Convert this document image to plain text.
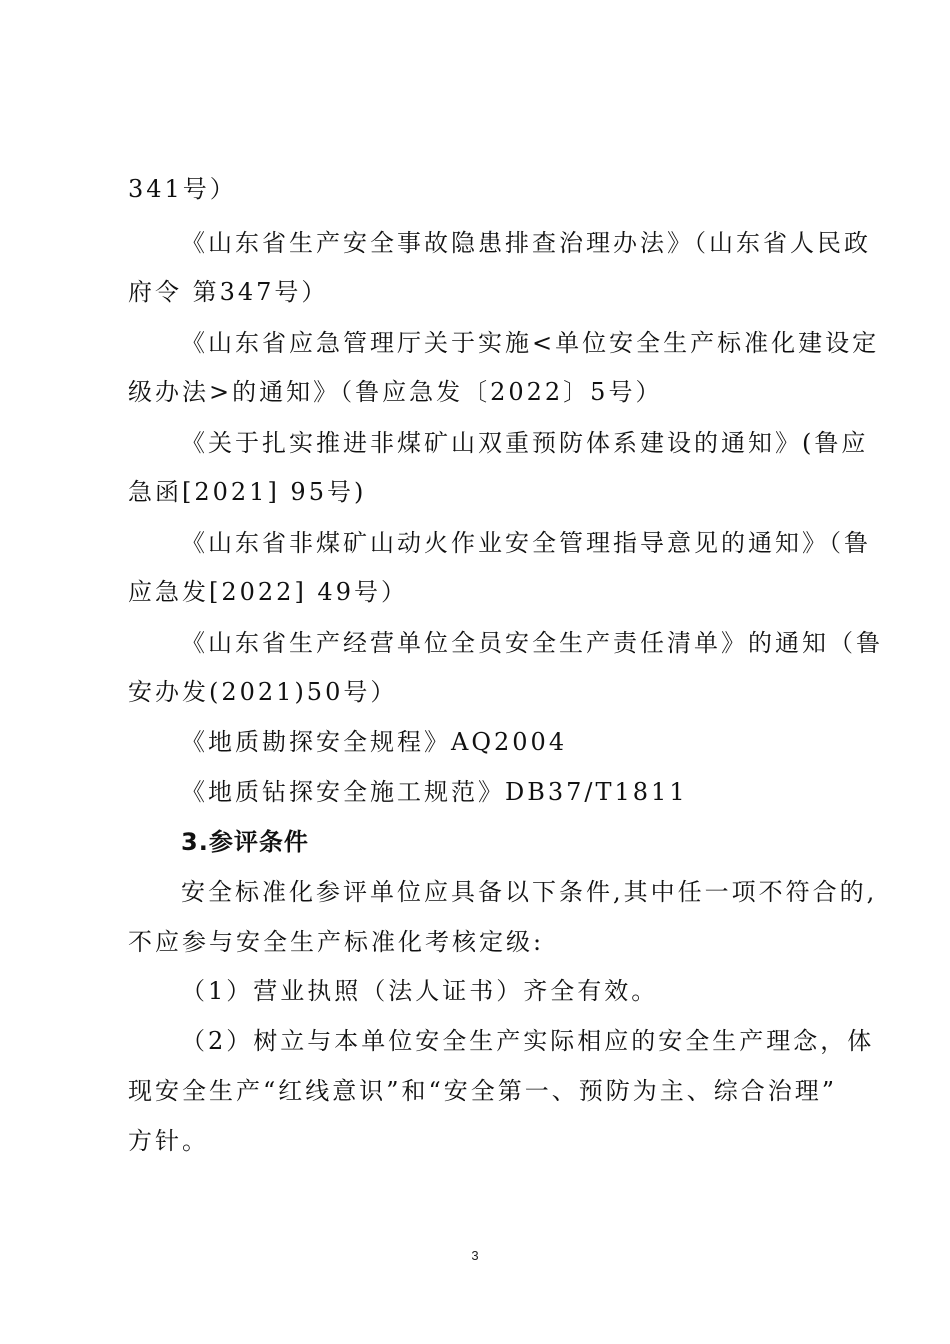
341号）
《山东省生产安全事故隐患排查治理办法》（山东省人民政
府令 第347号）
《山东省应急管理厅关于实施<单位安全生产标准化建设定
级办法>的通知》（鲁应急发〔2022〕5号）
《关于扎实推进非煤矿山双重预防体系建设的通知》(鲁应
急函[2021] 95号)
《山东省非煤矿山动火作业安全管理指导意见的通知》（鲁
应急发[2022] 49号）
《山东省生产经营单位全员安全生产责任清单》的通知（鲁
安办发(2021)50号）
《地质勘探安全规程》AQ2004
《地质钻探安全施工规范》DB37/T1811
3.参评条件
安全标准化参评单位应具备以下条件,其中任一项不符合的,
不应参与安全生产标准化考核定级:
（1）营业执照（法人证书）齐全有效。
（2）树立与本单位安全生产实际相应的安全生产理念，体
现安全生产“红线意识”和“安全第一、预防为主、综合治理”
方针。
3
